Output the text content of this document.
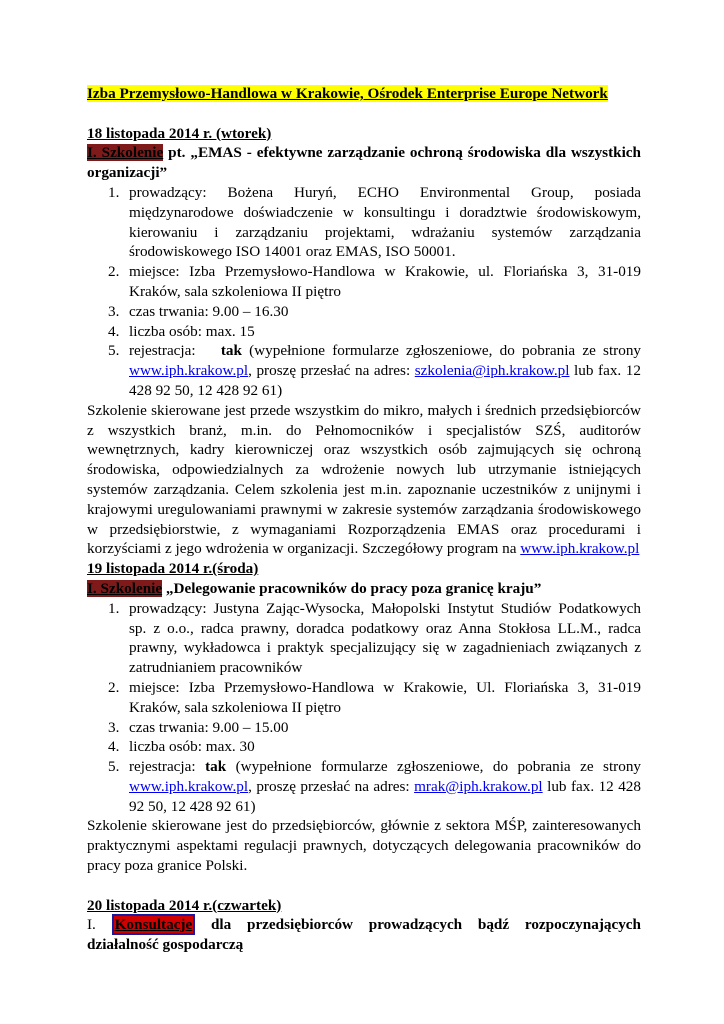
Izba Przemysłowo-Handlowa w Krakowie, Ośrodek Enterprise Europe Network

18 listopada 2014 r. (wtorek)

I. Szkolenie pt. „EMAS - efektywne zarządzanie ochroną środowiska dla wszystkich

organizacji”

1. prowadzący: Bożena Huryń, ECHO Environmental Group, posiada międzynarodowe doświadczenie w konsultingu i doradztwie środowiskowym, kierowaniu i zarządzaniu projektami, wdrażaniu systemów zarządzania środowiskowego ISO 14001 oraz EMAS, ISO 50001.
2. miejsce: Izba Przemysłowo-Handlowa w Krakowie, ul. Floriańska 3, 31-019 Kraków, sala szkoleniowa II piętro
3. czas trwania: 9.00 – 16.30
4. liczba osób: max. 15
5. rejestracja: tak (wypełnione formularze zgłoszeniowe, do pobrania ze strony www.iph.krakow.pl, proszę przesłać na adres: szkolenia@iph.krakow.pl lub fax. 12 428 92 50, 12 428 92 61)

Szkolenie skierowane jest przede wszystkim do mikro, małych i średnich przedsiębiorców z wszystkich branż, m.in. do Pełnomocników i specjalistów SZŚ, auditorów wewnętrznych, kadry kierowniczej oraz wszystkich osób zajmujących się ochroną środowiska, odpowiedzialnych za wdrożenie nowych lub utrzymanie istniejących systemów zarządzania. Celem szkolenia jest m.in. zapoznanie uczestników z unijnymi i krajowymi uregulowaniami prawnymi w zakresie systemów zarządzania środowiskowego w przedsiębiorstwie, z wymaganiami Rozporządzenia EMAS oraz procedurami i korzyściami z jego wdrożenia w organizacji. Szczegółowy program na www.iph.krakow.pl

19 listopada 2014 r.(środa)

I. Szkolenie „Delegowanie pracowników do pracy poza granicę kraju”

1. prowadzący: Justyna Zając-Wysocka, Małopolski Instytut Studiów Podatkowych sp. z o.o., radca prawny, doradca podatkowy oraz Anna Stokłosa LL.M., radca prawny, wykładowca i praktyk specjalizujący się w zagadnieniach związanych z zatrudnianiem pracowników
2. miejsce: Izba Przemysłowo-Handlowa w Krakowie, Ul. Floriańska 3, 31-019 Kraków, sala szkoleniowa II piętro
3. czas trwania: 9.00 – 15.00
4. liczba osób: max. 30
5. rejestracja: tak (wypełnione formularze zgłoszeniowe, do pobrania ze strony www.iph.krakow.pl, proszę przesłać na adres: mrak@iph.krakow.pl lub fax. 12 428 92 50, 12 428 92 61)

Szkolenie skierowane jest do przedsiębiorców, głównie z sektora MŚP, zainteresowanych praktycznymi aspektami regulacji prawnych, dotyczących delegowania pracowników do pracy poza granice Polski.

20 listopada 2014 r.(czwartek)

I. Konsultacje dla przedsiębiorców prowadzących bądź rozpoczynających działalność gospodarczą
